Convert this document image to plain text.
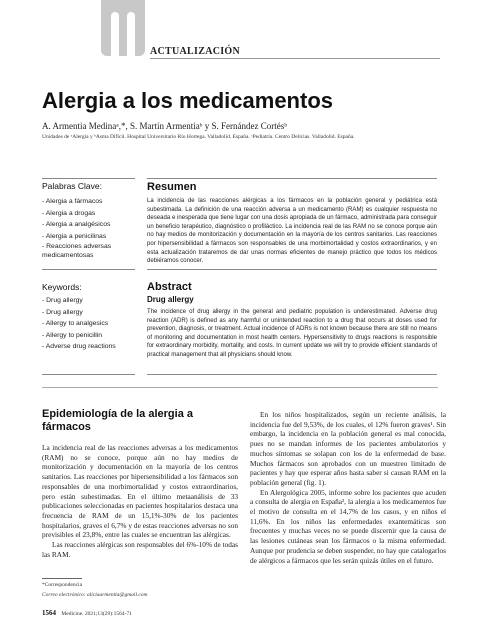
ACTUALIZACIÓN
Alergia a los medicamentos
A. Armentia Medinaᵃ,*, S. Martín Armentiaᵇ y S. Fernández Cortésᵇ
Unidades de ᵃAlergia y ᵇAsma Difícil. Hospital Universitario Río Hortega. Valladolid. España. ᶜPediatría. Centro Delicias. Valladolid. España.
Palabras Clave:
- Alergia a fármacos
- Alergia a drogas
- Alergia a analgésicos
- Alergia a penicilinas
- Reacciones adversas medicamentosas
Keywords:
- Drug allergy
- Drug allergy
- Allergy to analgesics
- Allergy to penicillin
- Adverse drug reactions
Resumen
La incidencia de las reacciones alérgicas a los fármacos en la población general y pediátrica está subestimada. La definición de una reacción adversa a un medicamento (RAM) es cualquier respuesta no deseada e inesperada que tiene lugar con una dosis apropiada de un fármaco, administrada para conseguir un beneficio terapéutico, diagnóstico o profiláctico. La incidencia real de las RAM no se conoce porque aún no hay medios de monitorización y documentación en la mayoría de los centros sanitarios. Las reacciones por hipersensibilidad a fármacos son responsables de una morbimortalidad y costos extraordinarios, y en esta actualización trataremos de dar unas normas eficientes de manejo práctico que todos los médicos debiéramos conocer.
Abstract
Drug allergy
The incidence of drug allergy in the general and pediatric population is underestimated. Adverse drug reaction (ADR) is defined as any harmful or unintended reaction to a drug that occurs at doses used for prevention, diagnosis, or treatment. Actual incidence of ADRs is not known because there are still no means of monitoring and documentation in most health centers. Hypersensitivity to drugs reactions is responsible for extraordinary morbidity, mortality, and costs. In current update we will try to provide efficient standards of practical management that all physicians should know.
Epidemiología de la alergia a fármacos

La incidencia real de las reacciones adversas a los medicamentos (RAM) no se conoce, porque aún no hay medios de monitorización y documentación en la mayoría de los centros sanitarios. Las reacciones por hipersensibilidad a los fármacos son responsables de una morbimortalidad y costos extraordinarios, pero están subestimadas. En el último metaanálisis de 33 publicaciones seleccionadas en pacientes hospitalarios destaca una frecuencia de RAM de un 15,1%-30% de los pacientes hospitalarios, graves el 6,7% y de estas reacciones adversas no son previsibles el 23,8%, entre las cuales se encuentran las alérgicas.

Las reacciones alérgicas son responsables del 6%-10% de todas las RAM.

En los niños hospitalizados, según un reciente análisis, la incidencia fue del 9,53%, de los cuales, el 12% fueron graves¹. Sin embargo, la incidencia en la población general es mal conocida, pues no se mandan informes de los pacientes ambulatorios y muchos síntomas se solapan con los de la enfermedad de base. Muchos fármacos son aprobados con un muestreo limitado de pacientes y hay que esperar años hasta saber si causan RAM en la población general (fig. 1).

En Alergológica 2005, informe sobre los pacientes que acuden a consulta de alergia en España², la alergia a los medicamentos fue el motivo de consulta en el 14,7% de los casos, y en niños el 11,6%. En los niños las enfermedades exantemáticas son frecuentes y muchas veces no se puede discernir que la causa de las lesiones cutáneas sean los fármacos o la misma enfermedad. Aunque por prudencia se deben suspender, no hay que catalogarlos de alérgicos a fármacos que les serán quizás útiles en el futuro.

*Correspondencia
Correo electrónico: aliciaarmentia@gmail.com
1564 Medicine. 2021;13(29):1564-71
